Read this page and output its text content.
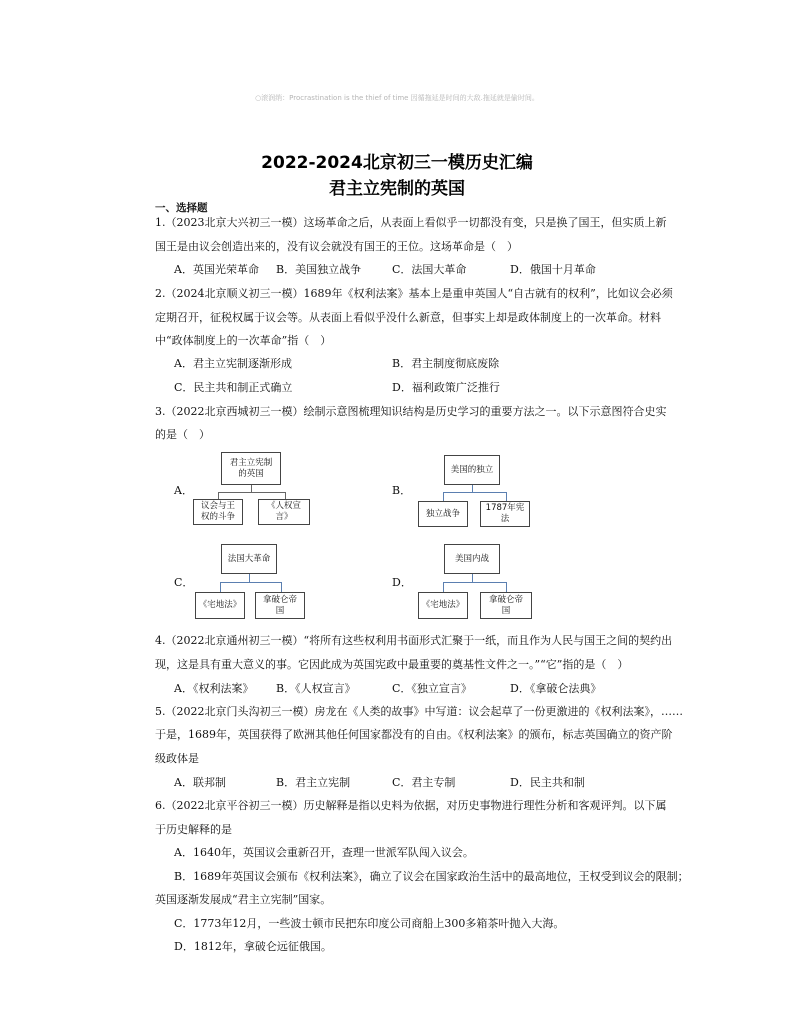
○滚润绡：Procrastination is the thief of time 因循拖延是时间的大敌.拖延就是偷时间。
2022-2024北京初三一模历史汇编
君主立宪制的英国
一、选择题
1.（2023北京大兴初三一模）这场革命之后，从表面上看似乎一切都没有变，只是换了国王，但实质上新
国王是由议会创造出来的，没有议会就没有国王的王位。这场革命是（　）
A．英国光荣革命 B．美国独立战争	C．法国大革命	D．俄国十月革命
2.（2024北京顺义初三一模）1689年《权利法案》基本上是重申英国人“自古就有的权利”，比如议会必须
定期召开，征税权属于议会等。从表面上看似乎没什么新意，但事实上却是政体制度上的一次革命。材料
中“政体制度上的一次革命”指（　）
A．君主立宪制逐渐形成	B．君主制度彻底废除
C．民主共和制正式确立	D．福利政策广泛推行
3.（2022北京西城初三一模）绘制示意图梳理知识结构是历史学习的重要方法之一。以下示意图符合史实
的是（　）
A．
君主立宪制的英国
议会与王权的斗争
《人权宣言》
B．
美国的独立
独立战争
1787年宪法
C．
法国大革命
《宅地法》
拿破仑帝国
D．
美国内战
《宅地法》
拿破仑帝国
4.（2022北京通州初三一模）“将所有这些权利用书面形式汇聚于一纸，而且作为人民与国王之间的契约出
现，这是具有重大意义的事。它因此成为英国宪政中最重要的奠基性文件之一。”“它”指的是（　）
A．《权利法案》 B．《人权宣言》	C．《独立宣言》	D．《拿破仑法典》
5.（2022北京门头沟初三一模）房龙在《人类的故事》中写道：议会起草了一份更激进的《权利法案》，……
于是，1689年，英国获得了欧洲其他任何国家都没有的自由。《权利法案》的颁布，标志英国确立的资产阶
级政体是
A．联邦制	B．君主立宪制	C．君主专制	D．民主共和制
6.（2022北京平谷初三一模）历史解释是指以史料为依据，对历史事物进行理性分析和客观评判。以下属
于历史解释的是
A．1640年，英国议会重新召开，查理一世派军队闯入议会。
B．1689年英国议会颁布《权利法案》，确立了议会在国家政治生活中的最高地位，王权受到议会的限制；
英国逐渐发展成“君主立宪制”国家。
C．1773年12月，一些波士顿市民把东印度公司商船上300多箱茶叶抛入大海。
D．1812年，拿破仑远征俄国。
